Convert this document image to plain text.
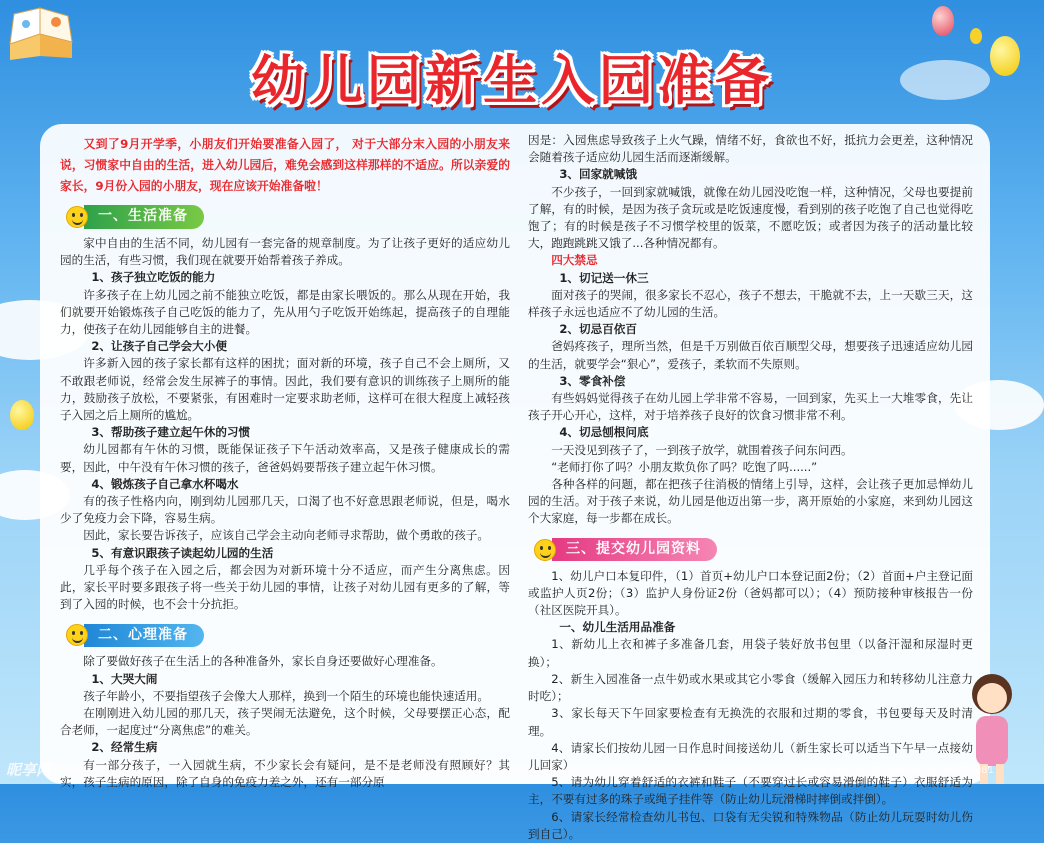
幼儿园新生入园准备

又到了9月开学季，小朋友们开始要准备入园了， 对于大部分末入园的小朋友来说，习惯家中自由的生活，进入幼儿园后，难免会感到这样那样的不适应。所以亲爱的家长，9月份入园的小朋友，现在应该开始准备啦！

一、生活准备

家中自由的生活不同，幼儿园有一套完备的规章制度。为了让孩子更好的适应幼儿园的生活，有些习惯，我们现在就要开始帮着孩子养成。

1、孩子独立吃饭的能力

许多孩子在上幼儿园之前不能独立吃饭，都是由家长喂饭的。那么从现在开始，我们就要开始锻炼孩子自己吃饭的能力了，先从用勺子吃饭开始练起，提高孩子的自理能力，使孩子在幼儿园能够自主的进餐。

2、让孩子自己学会大小便

许多新入园的孩子家长都有这样的困扰；面对新的环境，孩子自己不会上厕所，又不敢跟老师说，经常会发生尿裤子的事情。因此，我们要有意识的训练孩子上厕所的能力，鼓励孩子放松，不要紧张，有困难时一定要求助老师，这样可在很大程度上减轻孩子入园之后上厕所的尴尬。

3、帮助孩子建立起午休的习惯

幼儿园都有午休的习惯，既能保证孩子下午活动效率高，又是孩子健康成长的需要，因此，中午没有午休习惯的孩子，爸爸妈妈要帮孩子建立起午休习惯。

4、锻炼孩子自己拿水杯喝水

有的孩子性格内向，刚到幼儿园那几天，口渴了也不好意思跟老师说，但是，喝水少了免疫力会下降，容易生病。

因此，家长要告诉孩子，应该自己学会主动向老师寻求帮助，做个勇敢的孩子。

5、有意识跟孩子读起幼儿园的生活

几乎每个孩子在入园之后，都会因为对新环境十分不适应，而产生分离焦虑。因此，家长平时要多跟孩子将一些关于幼儿园的事情，让孩子对幼儿园有更多的了解，等到了入园的时候，也不会十分抗拒。

二、心理准备

除了要做好孩子在生活上的各种准备外，家长自身还要做好心理准备。

1、大哭大闹

孩子年龄小，不要指望孩子会像大人那样，换到一个陌生的环境也能快速适用。

在刚刚进入幼儿园的那几天，孩子哭闹无法避免，这个时候，父母要摆正心态，配合老师，一起度过“分离焦虑”的难关。

2、经常生病

有一部分孩子，一入园就生病，不少家长会有疑问，是不是老师没有照顾好？其实，孩子生病的原因，除了自身的免疫力差之外，还有一部分原

因是：入园焦虑导致孩子上火气躁，情绪不好，食欲也不好，抵抗力会更差，这种情况会随着孩子适应幼儿园生活而逐渐缓解。

3、回家就喊饿

不少孩子，一回到家就喊饿，就像在幼儿园没吃饱一样，这种情况，父母也要提前了解，有的时候，是因为孩子贪玩或是吃饭速度慢，看到别的孩子吃饱了自己也觉得吃饱了；有的时候是孩子不习惯学校里的饭菜，不愿吃饭；或者因为孩子的活动量比较大，跑跑跳跳又饿了...各种情况都有。

四大禁忌

1、切记送一休三

面对孩子的哭闹，很多家长不忍心，孩子不想去，干脆就不去，上一天歇三天，这样孩子永远也适应不了幼儿园的生活。

2、切忌百依百

爸妈疼孩子，理所当然，但是千万别做百依百顺型父母，想要孩子迅速适应幼儿园的生活，就要学会“狠心”，爱孩子，柔软而不失原则。

3、零食补偿

有些妈妈觉得孩子在幼儿园上学非常不容易，一回到家，先买上一大堆零食，先让孩子开心开心，这样，对于培养孩子良好的饮食习惯非常不利。

4、切忌刨根问底

一天没见到孩子了，一到孩子放学，就围着孩子问东问西。

“老师打你了吗？小朋友欺负你了吗？吃饱了吗......”

各种各样的问题，都在把孩子往消极的情绪上引导，这样，会让孩子更加忌惮幼儿园的生活。对于孩子来说，幼儿园是他迈出第一步，离开原始的小家庭，来到幼儿园这个大家庭，每一步都在成长。

三、提交幼儿园资料

1、幼儿户口本复印件，（1）首页+幼儿户口本登记面2份；（2）首面+户主登记面或监护人页2份；（3）监护人身份证2份（爸妈都可以）；（4）预防接种审核报告一份（社区医院开具）。

一、幼儿生活用品准备

1、新幼儿上衣和裤子多准备几套，用袋子装好放书包里（以备汗湿和尿湿时更换）；

2、新生入园准备一点牛奶或水果或其它小零食（缓解入园压力和转移幼儿注意力时吃）；

3、家长每天下午回家要检查有无换洗的衣服和过期的零食，书包要每天及时清理。

4、请家长们按幼儿园一日作息时间接送幼儿（新生家长可以适当下午早一点接幼儿回家）

5、请为幼儿穿着舒适的衣裤和鞋子（不要穿过长或容易滑倒的鞋子）衣服舒适为主，不要有过多的珠子或绳子挂件等（防止幼儿玩滑梯时摔倒或拌倒）。

6、请家长经常检查幼儿书包、口袋有无尖锐和特殊物品（防止幼儿玩耍时幼儿伤到自己）。

昵享网	www.nipic.cn ID:4062-8-20250222081
